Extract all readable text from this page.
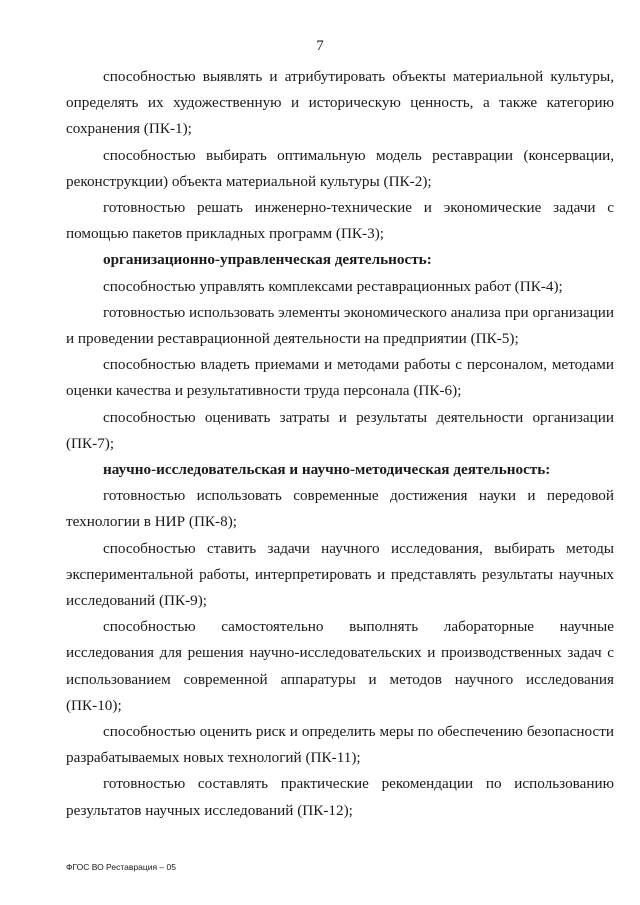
7

способностью выявлять и атрибутировать объекты материальной культуры, определять их художественную и историческую ценность, а также категорию сохранения (ПК-1);

способностью выбирать оптимальную модель реставрации (консервации, реконструкции) объекта материальной культуры (ПК-2);

готовностью решать инженерно-технические и экономические задачи с помощью пакетов прикладных программ (ПК-3);

организационно-управленческая деятельность:

способностью управлять комплексами реставрационных работ (ПК-4);

готовностью использовать элементы экономического анализа при организации и проведении реставрационной деятельности на предприятии (ПК-5);

способностью владеть приемами и методами работы с персоналом, методами оценки качества и результативности труда персонала (ПК-6);

способностью оценивать затраты и результаты деятельности организации (ПК-7);

научно-исследовательская и научно-методическая деятельность:

готовностью использовать современные достижения науки и передовой технологии в НИР (ПК-8);

способностью ставить задачи научного исследования, выбирать методы экспериментальной работы, интерпретировать и представлять результаты научных исследований (ПК-9);

способностью самостоятельно выполнять лабораторные научные исследования для решения научно-исследовательских и производственных задач с использованием современной аппаратуры и методов научного исследования (ПК-10);

способностью оценить риск и определить меры по обеспечению безопасности разрабатываемых новых технологий (ПК-11);

готовностью составлять практические рекомендации по использованию результатов научных исследований (ПК-12);

ФГОС ВО Реставрация – 05
